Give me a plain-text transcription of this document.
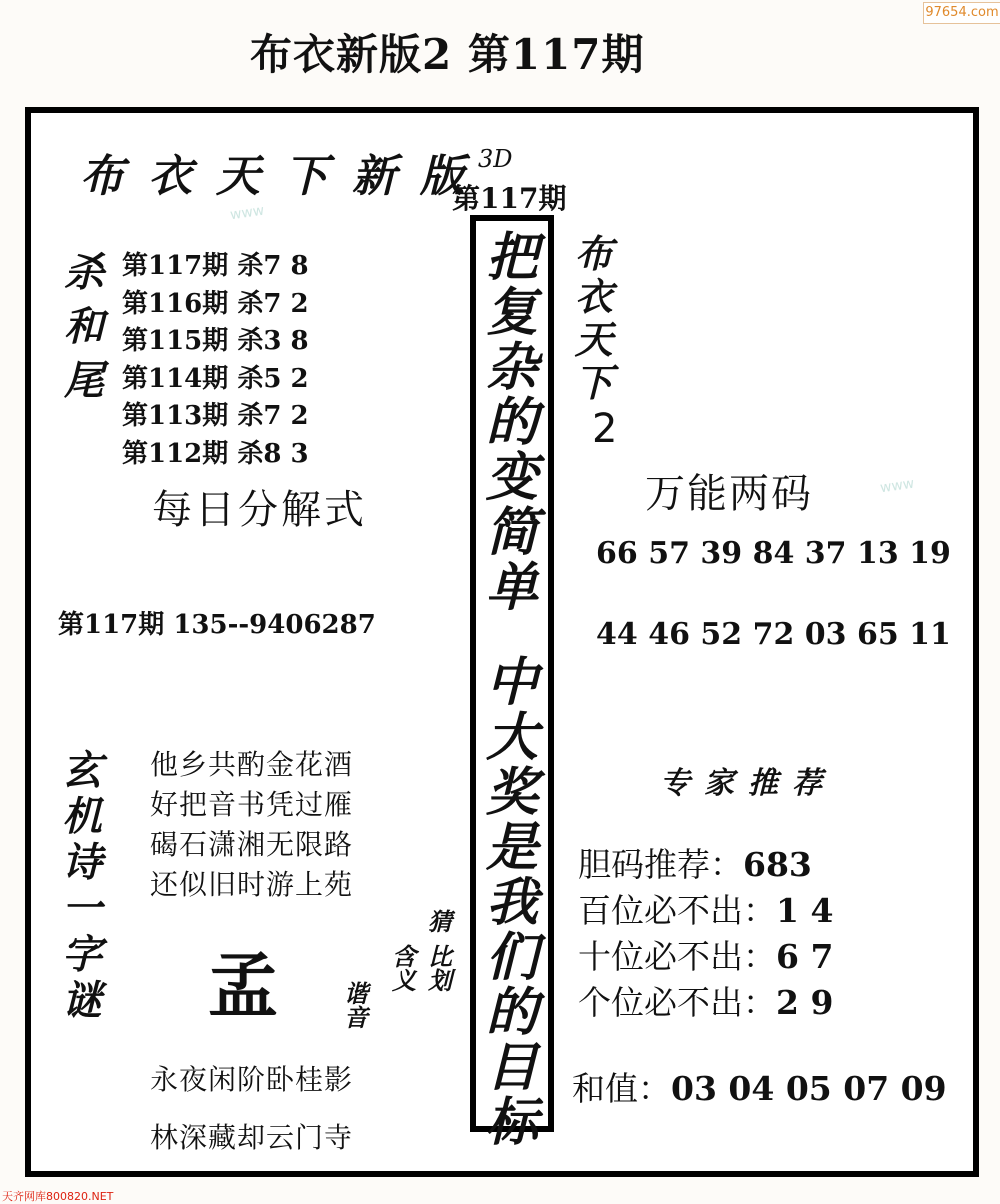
97654.com
布衣新版2 第117期
www
www
布衣天下新版
3D
第117期
杀
和
尾
第117期 杀7 8
第116期 杀7 2
第115期 杀3 8
第114期 杀5 2
第113期 杀7 2
第112期 杀8 3
每日分解式
第117期 135--9406287
把
复
杂
的
变
简
单
中
大
奖
是
我
们
的
目
标
布
衣
天
下
2
万能两码
66 57 39 84 37 13 19
44 46 52 72 03 65 11
专家推荐
胆码推荐：683
百位必不出：1 4
十位必不出：6 7
个位必不出：2 9
和值：03 04 05 07 09
玄
机
诗
一
字
谜
他乡共酌金花酒
好把音书凭过雁
碣石潇湘无限路
还似旧时游上苑
孟	谐
音
含
义
比
划
猜
永夜闲阶卧桂影
林深藏却云门寺
天齐网库800820.NET
